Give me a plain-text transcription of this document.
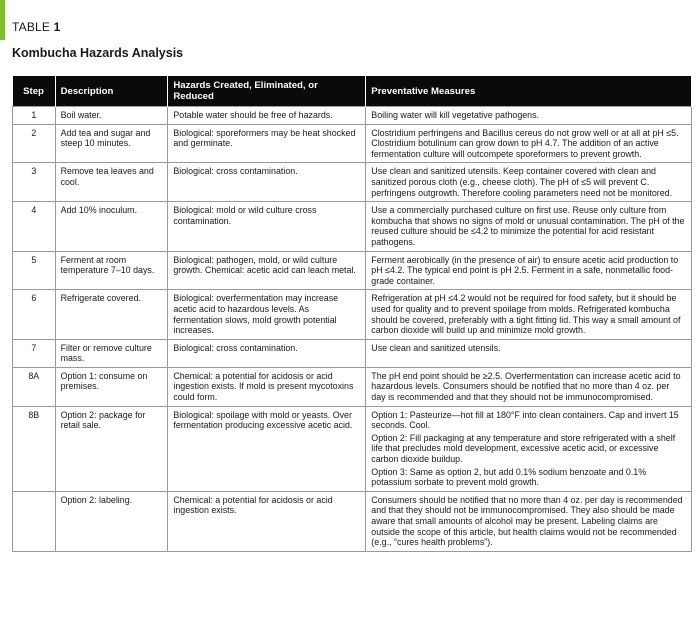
TABLE 1
Kombucha Hazards Analysis
Step	Description	Hazards Created, Eliminated, or Reduced	Preventative Measures
1	Boil water.	Potable water should be free of hazards.	Boiling water will kill vegetative pathogens.

2	Add tea and sugar and steep 10 minutes.	Biological: sporeformers may be heat shocked and germinate.	Clostridium perfringens and Bacillus cereus do not grow well or at all at pH ≤5. Clostridium botulinum can grow down to pH 4.7. The addition of an active fermentation culture will outcompete sporeformers to prevent growth.

3	Remove tea leaves and cool.	Biological: cross contamination.	Use clean and sanitized utensils. Keep container covered with clean and sanitized porous cloth (e.g., cheese cloth). The pH of ≤5 will prevent C. perfringens outgrowth. Therefore cooling parameters need not be monitored.

4	Add 10% inoculum.	Biological: mold or wild culture cross contamination.	Use a commercially purchased culture on first use. Reuse only culture from kombucha that shows no signs of mold or unusual contamination. The pH of the reused culture should be ≤4.2 to minimize the potential for acid resistant pathogens.

5	Ferment at room temperature 7–10 days.	Biological: pathogen, mold, or wild culture growth. Chemical: acetic acid can leach metal.	Ferment aerobically (in the presence of air) to ensure acetic acid production to pH ≤4.2. The typical end point is pH 2.5. Ferment in a safe, nonmetallic food-grade container.

6	Refrigerate covered.	Biological: overfermentation may increase acetic acid to hazardous levels. As fermentation slows, mold growth potential increases.	Refrigeration at pH ≤4.2 would not be required for food safety, but it should be used for quality and to prevent spoilage from molds. Refrigerated kombucha should be covered, preferably with a tight fitting lid. This way a small amount of carbon dioxide will build up and minimize mold growth.

7	Filter or remove culture mass.	Biological: cross contamination.	Use clean and sanitized utensils.

8A	Option 1: consume on premises.	Chemical: a potential for acidosis or acid ingestion exists. If mold is present mycotoxins could form.	The pH end point should be ≥2.5. Overfermentation can increase acetic acid to hazardous levels. Consumers should be notified that no more than 4 oz. per day is recommended and that they should not be immunocompromised.

8B	Option 2: package for retail sale.	Biological: spoilage with mold or yeasts. Over fermentation producing excessive acetic acid.	Option 1: Pasteurize—hot fill at 180°F into clean containers. Cap and invert 15 seconds. Cool.
Option 2: Fill packaging at any temperature and store refrigerated with a shelf life that precludes mold development, excessive acetic acid, or excessive carbon dioxide buildup.
Option 3: Same as option 2, but add 0.1% sodium benzoate and 0.1% potassium sorbate to prevent mold growth.

	Option 2: labeling.	Chemical: a potential for acidosis or acid ingestion exists.	Consumers should be notified that no more than 4 oz. per day is recommended and that they should not be immunocompromised. They also should be made aware that small amounts of alcohol may be present. Labeling claims are outside the scope of this article, but health claims would not be recommended (e.g., “cures health problems”).
